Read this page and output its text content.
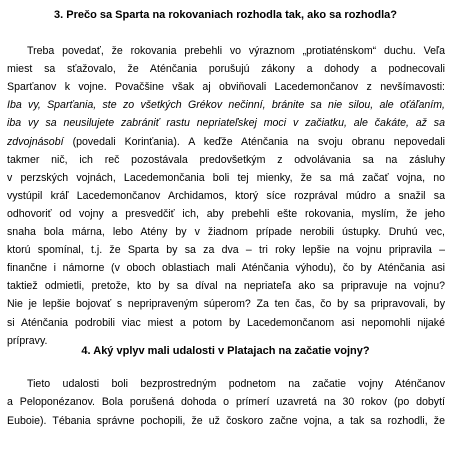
3. Prečo sa Sparta na rokovaniach rozhodla tak, ako sa rozhodla?
Treba povedať, že rokovania prebehli vo výraznom „protiaténskom“ duchu. Veľa
miest sa sťažovalo, že Aténčania porušujú zákony a dohody a podnecovali
Sparťanov k vojne. Povačšine však aj obviňovali Lacedemončanov z nevšímavosti:
Iba vy, Sparťania, ste zo všetkých Grékov nečinní, bránite sa nie silou, ale oťáľaním,
iba vy sa neusilujete zabrániť rastu nepriateľskej moci v začiatku, ale čakáte, až sa
zdvojnásobí (povedali Korinťania). A keďže Aténčania na svoju obranu nepovedali
takmer nič, ich reč pozostávala predovšetkým z odvolávania sa na zásluhy
v perzských vojnách, Lacedemončania boli tej mienky, že sa má začať vojna, no
vystúpil kráľ Lacedemončanov Archidamos, ktorý síce rozprával múdro a snažil sa
odhovoriť od vojny a presvedčiť ich, aby prebehli ešte rokovania, myslím, že jeho
snaha bola márna, lebo Atény by v žiadnom prípade nerobili ústupky. Druhú vec,
ktorú spomínal, t.j. že Sparta by sa za dva – tri roky lepšie na vojnu pripravila –
finančne i námorne (v oboch oblastiach mali Aténčania výhodu), čo by Aténčania asi
taktiež odmietli, pretože, kto by sa díval na nepriateľa ako sa pripravuje na vojnu?
Nie je lepšie bojovať s nepripraveným súperom? Za ten čas, čo by sa pripravovali, by
si Aténčania podrobili viac miest a potom by Lacedemončanom asi nepomohli nijaké
prípravy.
4. Aký vplyv mali udalosti v Platajach na začatie vojny?
Tieto udalosti boli bezprostredným podnetom na začatie vojny Aténčanov
a Peloponézanov. Bola porušená dohoda o prímerí uzavretá na 30 rokov (po dobytí
Euboie). Tébania správne pochopili, že už čoskoro začne vojna, a tak sa rozhodli, že
